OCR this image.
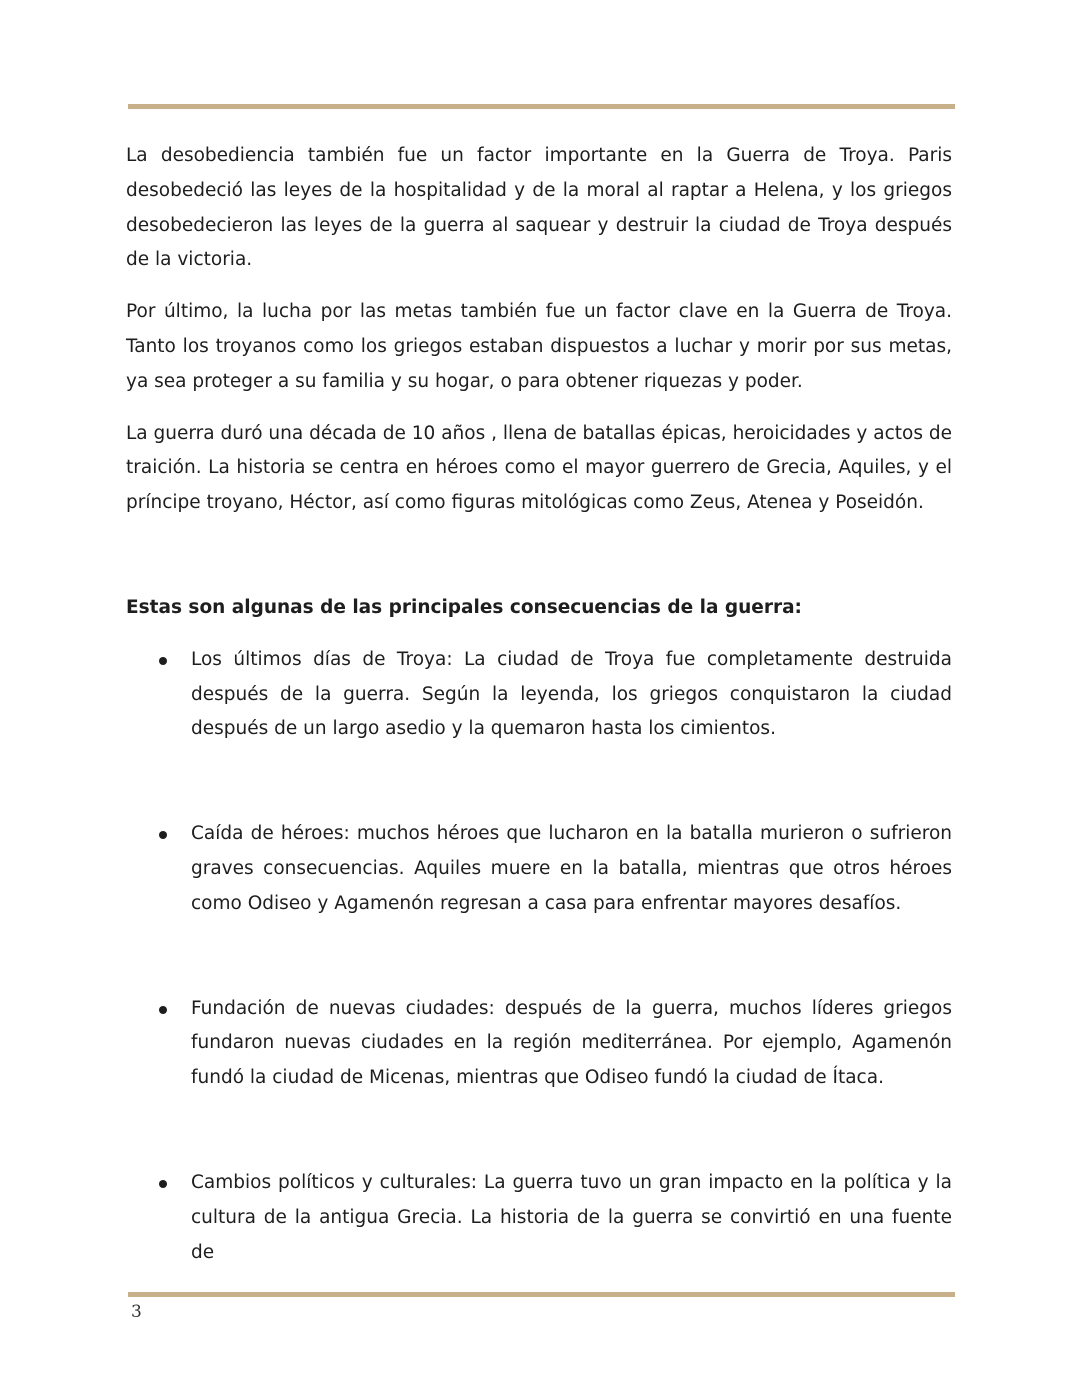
La desobediencia también fue un factor importante en la Guerra de Troya. Paris desobedeció las leyes de la hospitalidad y de la moral al raptar a Helena, y los griegos desobedecieron las leyes de la guerra al saquear y destruir la ciudad de Troya después de la victoria.

Por último, la lucha por las metas también fue un factor clave en la Guerra de Troya. Tanto los troyanos como los griegos estaban dispuestos a luchar y morir por sus metas, ya sea proteger a su familia y su hogar, o para obtener riquezas y poder.

La guerra duró una década de 10 años , llena de batallas épicas, heroicidades y actos de traición. La historia se centra en héroes como el mayor guerrero de Grecia, Aquiles, y el príncipe troyano, Héctor, así como figuras mitológicas como Zeus, Atenea y Poseidón.

Estas son algunas de las principales consecuencias de la guerra:

Los últimos días de Troya: La ciudad de Troya fue completamente destruida después de la guerra. Según la leyenda, los griegos conquistaron la ciudad después de un largo asedio y la quemaron hasta los cimientos.
Caída de héroes: muchos héroes que lucharon en la batalla murieron o sufrieron graves consecuencias. Aquiles muere en la batalla, mientras que otros héroes como Odiseo y Agamenón regresan a casa para enfrentar mayores desafíos.
Fundación de nuevas ciudades: después de la guerra, muchos líderes griegos fundaron nuevas ciudades en la región mediterránea. Por ejemplo, Agamenón fundó la ciudad de Micenas, mientras que Odiseo fundó la ciudad de Ítaca.
Cambios políticos y culturales: La guerra tuvo un gran impacto en la política y la cultura de la antigua Grecia. La historia de la guerra se convirtió en una fuente de
3
